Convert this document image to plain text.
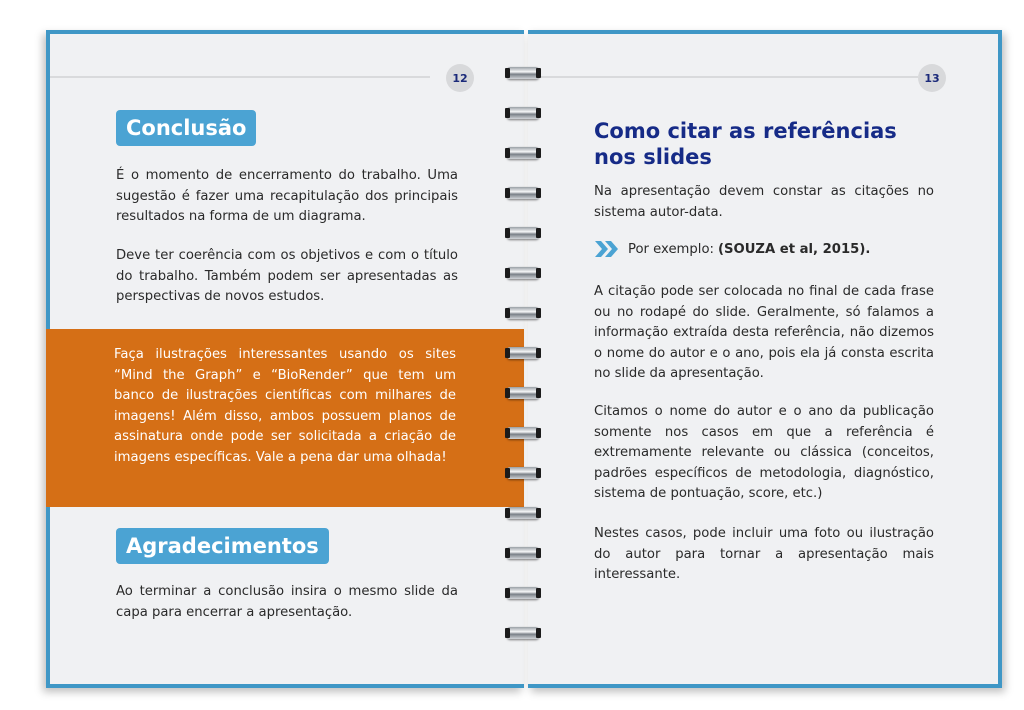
12
Conclusão

É o momento de encerramento do trabalho. Uma sugestão é fazer uma recapitulação dos principais resultados na forma de um diagrama.

Deve ter coerência com os objetivos e com o título do trabalho. Também podem ser apresentadas as perspectivas de novos estudos.

Faça ilustrações interessantes usando os sites “Mind the Graph” e “BioRender” que tem um banco de ilustrações científicas com milhares de imagens! Além disso, ambos possuem planos de assinatura onde pode ser solicitada a criação de imagens específicas. Vale a pena dar uma olhada!

Agradecimentos

Ao terminar a conclusão insira o mesmo slide da capa para encerrar a apresentação.

13
Como citar as referências nos slides

Na apresentação devem constar as citações no sistema autor-data.

Por exemplo: (SOUZA et al, 2015).

A citação pode ser colocada no final de cada frase ou no rodapé do slide. Geralmente, só falamos a informação extraída desta referência, não dizemos o nome do autor e o ano, pois ela já consta escrita no slide da apresentação.

Citamos o nome do autor e o ano da publicação somente nos casos em que a referência é extremamente relevante ou clássica (conceitos, padrões específicos de metodologia, diagnóstico, sistema de pontuação, score, etc.)

Nestes casos, pode incluir uma foto ou ilustração do autor para tornar a apresentação mais interessante.
